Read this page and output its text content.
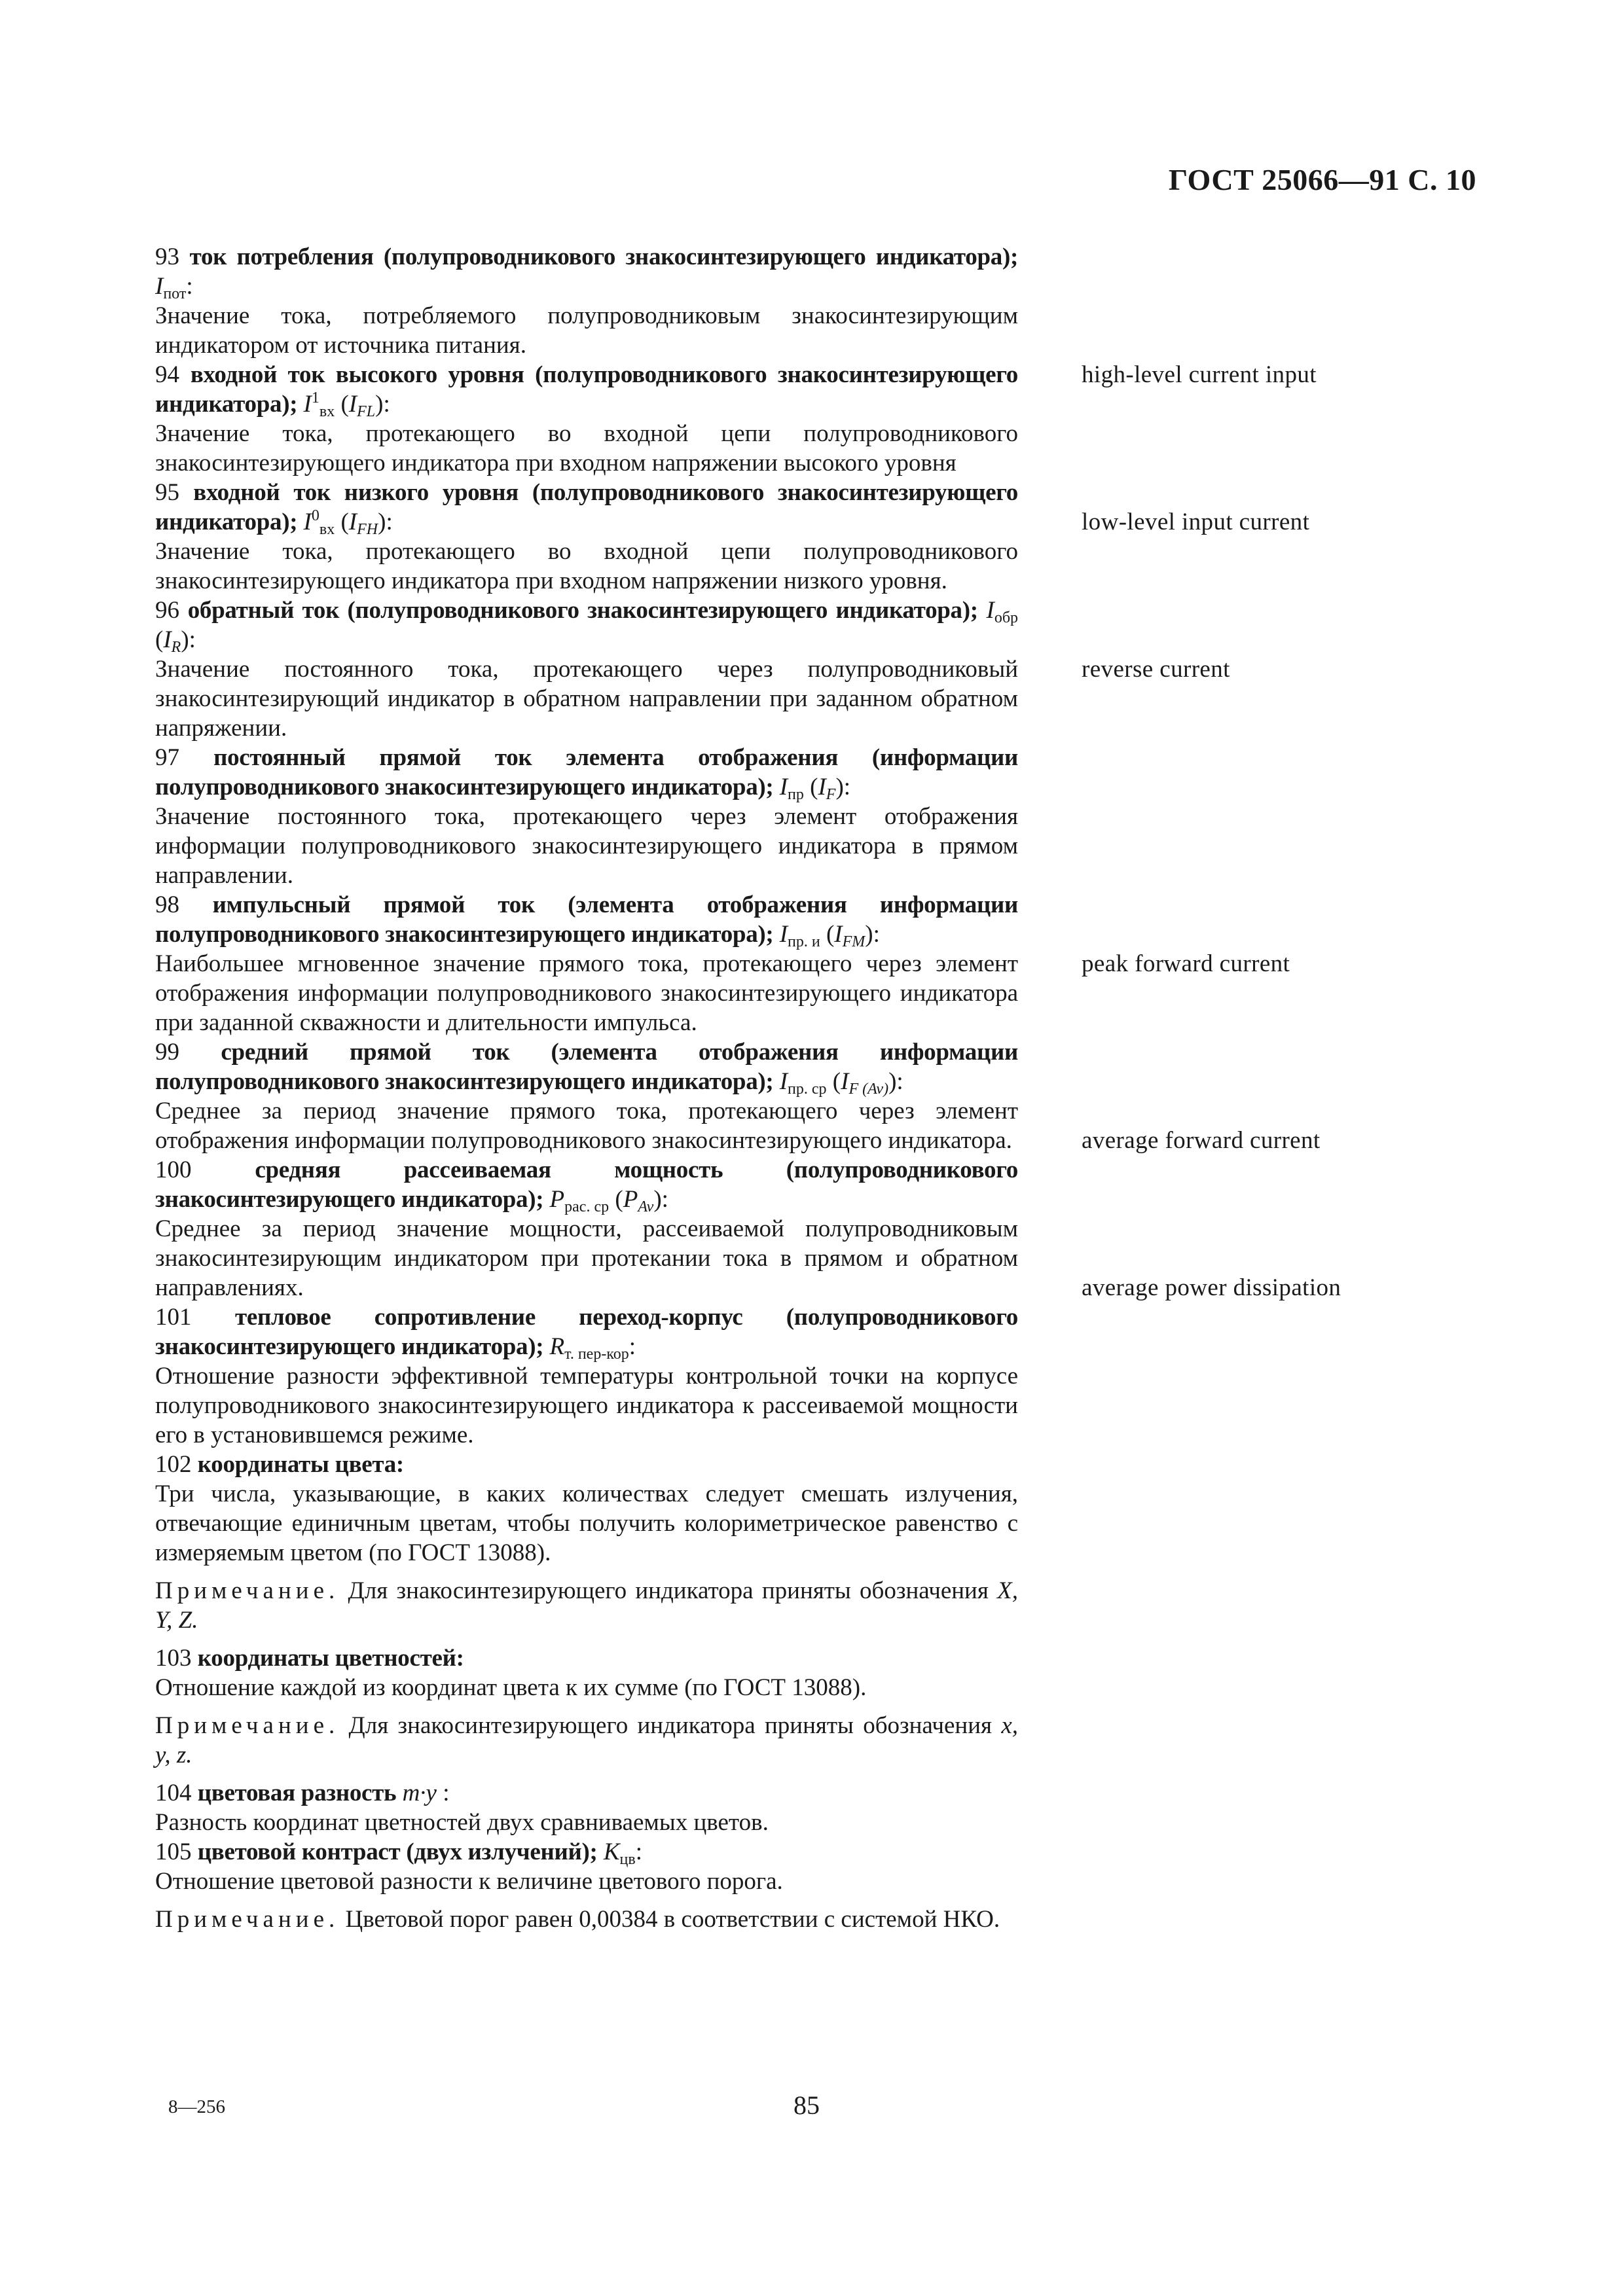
ГОСТ 25066—91 С. 10
93 ток потребления (полупроводникового знакосинтезирующего индикатора); $I_{пот}$:
Значение тока, потребляемого полупроводниковым знакосинтезирующим индикатором от источника питания.
94 входной ток высокого уровня (полупроводникового знакосинтезирующего индикатора); $I^1_{вх}$ $(I_{FL})$:
Значение тока, протекающего во входной цепи полупроводникового знакосинтезирующего индикатора при входном напряжении высокого уровня
95 входной ток низкого уровня (полупроводникового знакосинтезирующего индикатора); $I^0_{вх}$ $(I_{FH})$:
Значение тока, протекающего во входной цепи полупроводникового знакосинтезирующего индикатора при входном напряжении низкого уровня.
96 обратный ток (полупроводникового знакосинтезирующего индикатора); $I_{обр}$ $(I_R)$:
Значение постоянного тока, протекающего через полупроводниковый знакосинтезирующий индикатор в обратном направлении при заданном обратном напряжении.
97 постоянный прямой ток элемента отображения (информации полупроводникового знакосинтезирующего индикатора); $I_{пр}$ $(I_F)$:
Значение постоянного тока, протекающего через элемент отображения информации полупроводникового знакосинтезирующего индикатора в прямом направлении.
98 импульсный прямой ток (элемента отображения информации полупроводникового знакосинтезирующего индикатора); $I_{пр. и}$ $(I_{FM})$:
Наибольшее мгновенное значение прямого тока, протекающего через элемент отображения информации полупроводникового знакосинтезирующего индикатора при заданной скважности и длительности импульса.
99 средний прямой ток (элемента отображения информации полупроводникового знакосинтезирующего индикатора); $I_{пр. ср}$ $(I_{F (Av)})$:
Среднее за период значение прямого тока, протекающего через элемент отображения информации полупроводникового знакосинтезирующего индикатора.
100	средняя рассеиваемая мощность (полупроводникового знакосинтезирующего индикатора); $P_{рас. ср}$ $(P_{Av})$:
Среднее за период значение мощности, рассеиваемой полупроводниковым знакосинтезирующим индикатором при протекании тока в прямом и обратном направлениях.
101 тепловое сопротивление переход-корпус (полупроводникового знакосинтезирующего индикатора); $R_{т. пер-кор}$:
Отношение разности эффективной температуры контрольной точки на корпусе полупроводникового знакосинтезирующего индикатора к рассеиваемой мощности его в установившемся режиме.
102 координаты цвета:
Три числа, указывающие, в каких количествах следует смешать излучения, отвечающие единичным цветам, чтобы получить колориметрическое равенство с измеряемым цветом (по ГОСТ 13088).
Примечание. Для знакосинтезирующего индикатора приняты обозначения X, Y, Z.
103 координаты цветностей:
Отношение каждой из координат цвета к их сумме (по ГОСТ 13088).
Примечание. Для знакосинтезирующего индикатора приняты обозначения x, y, z.
104 цветовая разность m·y :
Разность координат цветностей двух сравниваемых цветов.
105 цветовой контраст (двух излучений); $K_{цв}$:
Отношение цветовой разности к величине цветового порога.
Примечание. Цветовой порог равен 0,00384 в соответствии с системой НКО.
high-level current input
low-level input current
reverse current
peak forward current
average forward current
average power dissipation
8—256	85
